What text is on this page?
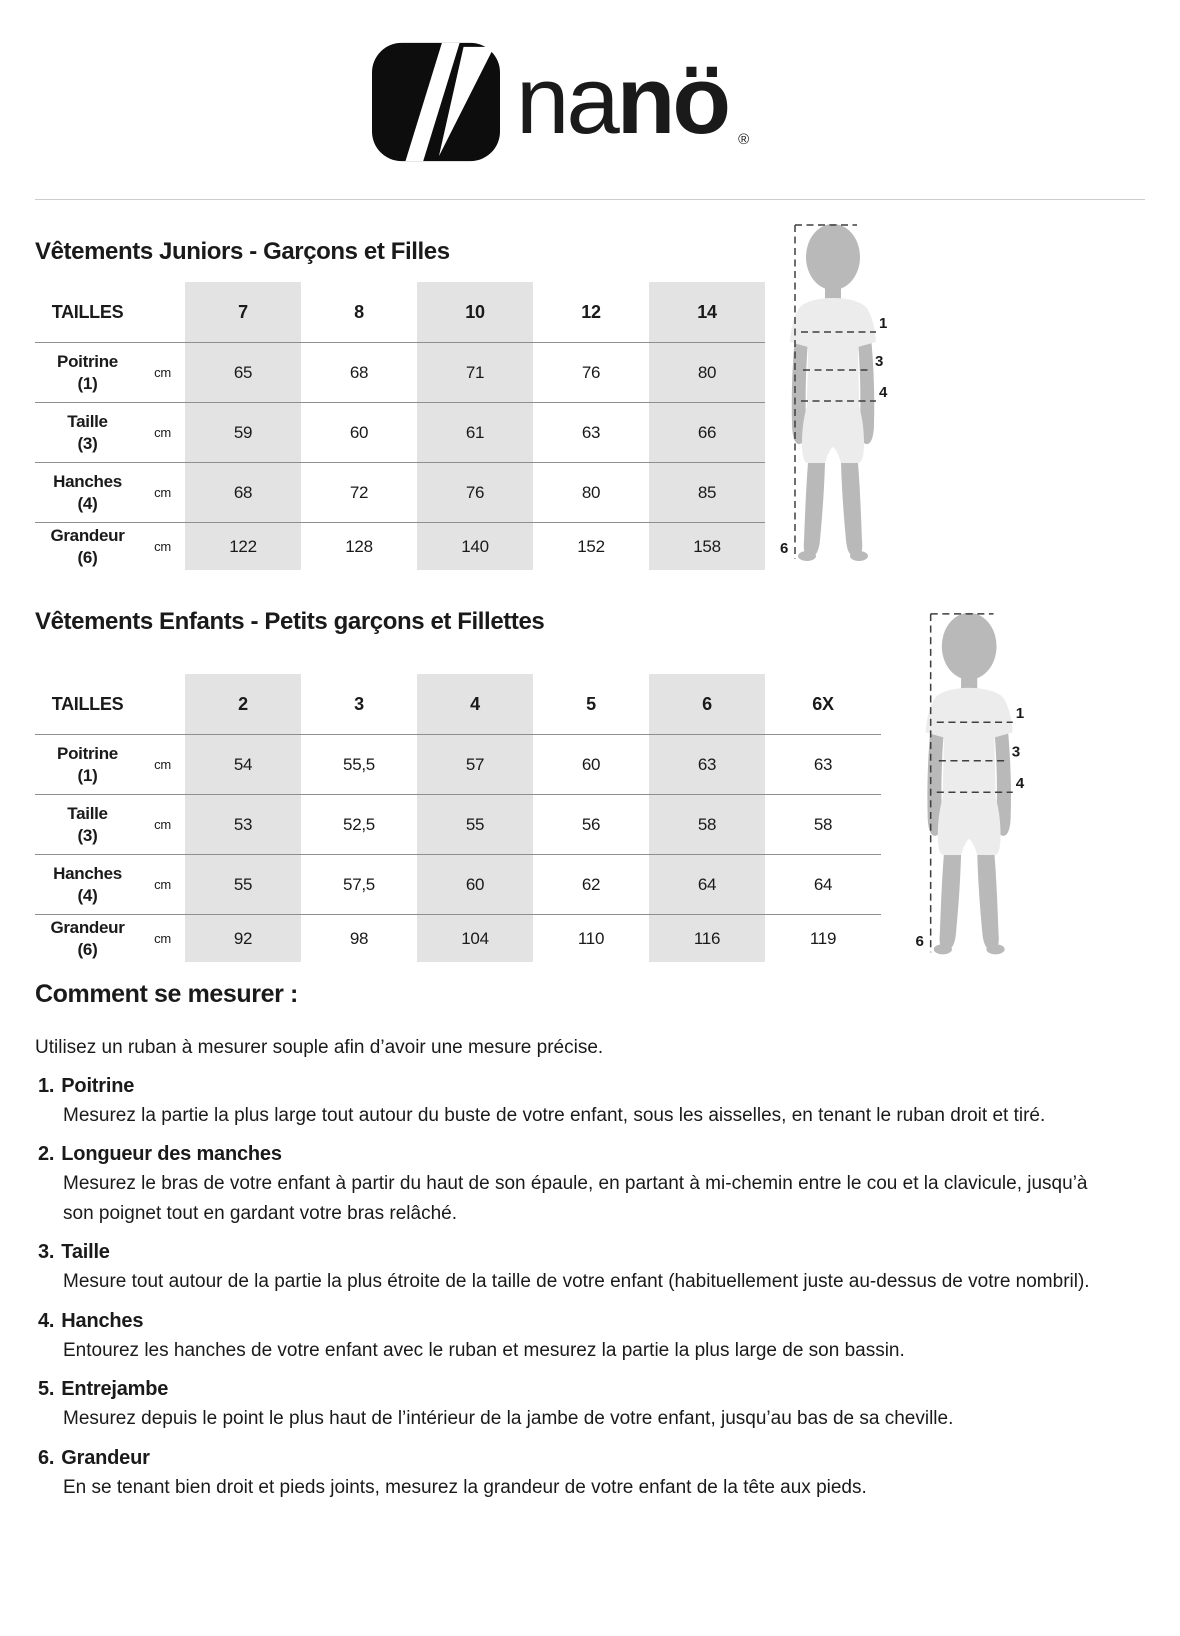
nanö ®
Vêtements Juniors - Garçons et Filles
TAILLES	7	8	10	12	14
Poitrine
(1)
cm	65	68	71	76	80
Taille
(3)
cm	59	60	61	63	66
Hanches
(4)
cm	68	72	76	80	85
Grandeur
(6)
cm	122	128	140	152	158
1
3
4
6
Vêtements Enfants - Petits garçons et Fillettes
TAILLES	2	3	4	5	6	6X
Poitrine
(1)
cm	54	55,5	57	60	63	63
Taille
(3)
cm	53	52,5	55	56	58	58
Hanches
(4)
cm	55	57,5	60	62	64	64
Grandeur
(6)
cm	92	98	104	110	116	119
1
3
4
6
Comment se mesurer :
Utilisez un ruban à mesurer souple afin d’avoir une mesure précise.
1. Poitrine
Mesurez la partie la plus large tout autour du buste de votre enfant, sous les aisselles, en tenant le ruban droit et tiré.
2. Longueur des manches
Mesurez le bras de votre enfant à partir du haut de son épaule, en partant à mi-chemin entre le cou et la clavicule, jusqu’à son poignet tout en gardant votre bras relâché.
3. Taille
Mesure tout autour de la partie la plus étroite de la taille de votre enfant (habituellement juste au-dessus de votre nombril).
4. Hanches
Entourez les hanches de votre enfant avec le ruban et mesurez la partie la plus large de son bassin.
5. Entrejambe
Mesurez depuis le point le plus haut de l’intérieur de la jambe de votre enfant, jusqu’au bas de sa cheville.
6. Grandeur
En se tenant bien droit et pieds joints, mesurez la grandeur de votre enfant de la tête aux pieds.
